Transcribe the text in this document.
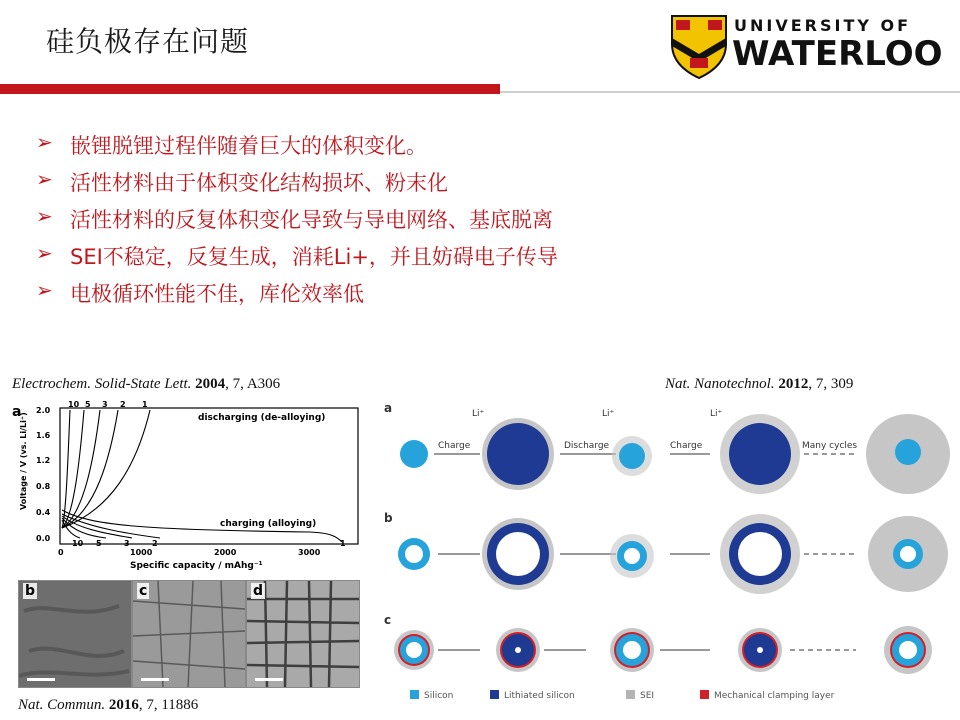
硅负极存在问题	UNIVERSITY OF
WATERLOO
➢ 嵌锂脱锂过程伴随着巨大的体积变化。
➢ 活性材料由于体积变化结构损坏、粉末化
➢ 活性材料的反复体积变化导致与导电网络、基底脱离
➢ SEI不稳定，反复生成，消耗Li+，并且妨碍电子传导
➢ 电极循环性能不佳，库伦效率低
Electrochem. Solid-State Lett. 2004, 7, A306	Nat. Nanotechnol. 2012, 7, 309
Nat. Commun. 2016, 7, 11886
a
Voltage / V (vs. Li/Li⁺)
0.0
0.4
0.8
1.2
1.6
2.0
0	1000	2000	3000
Specific capacity / mAhg⁻¹
10 5 3 2 1
10 5	3	2	1
discharging (de-alloying)
charging (alloying)
b	c	d
a
b
c
Charge
Li⁺
Discharge
Li⁺
Charge
Li⁺
Many cycles
Silicon	Lithiated silicon	SEI	Mechanical clamping layer
